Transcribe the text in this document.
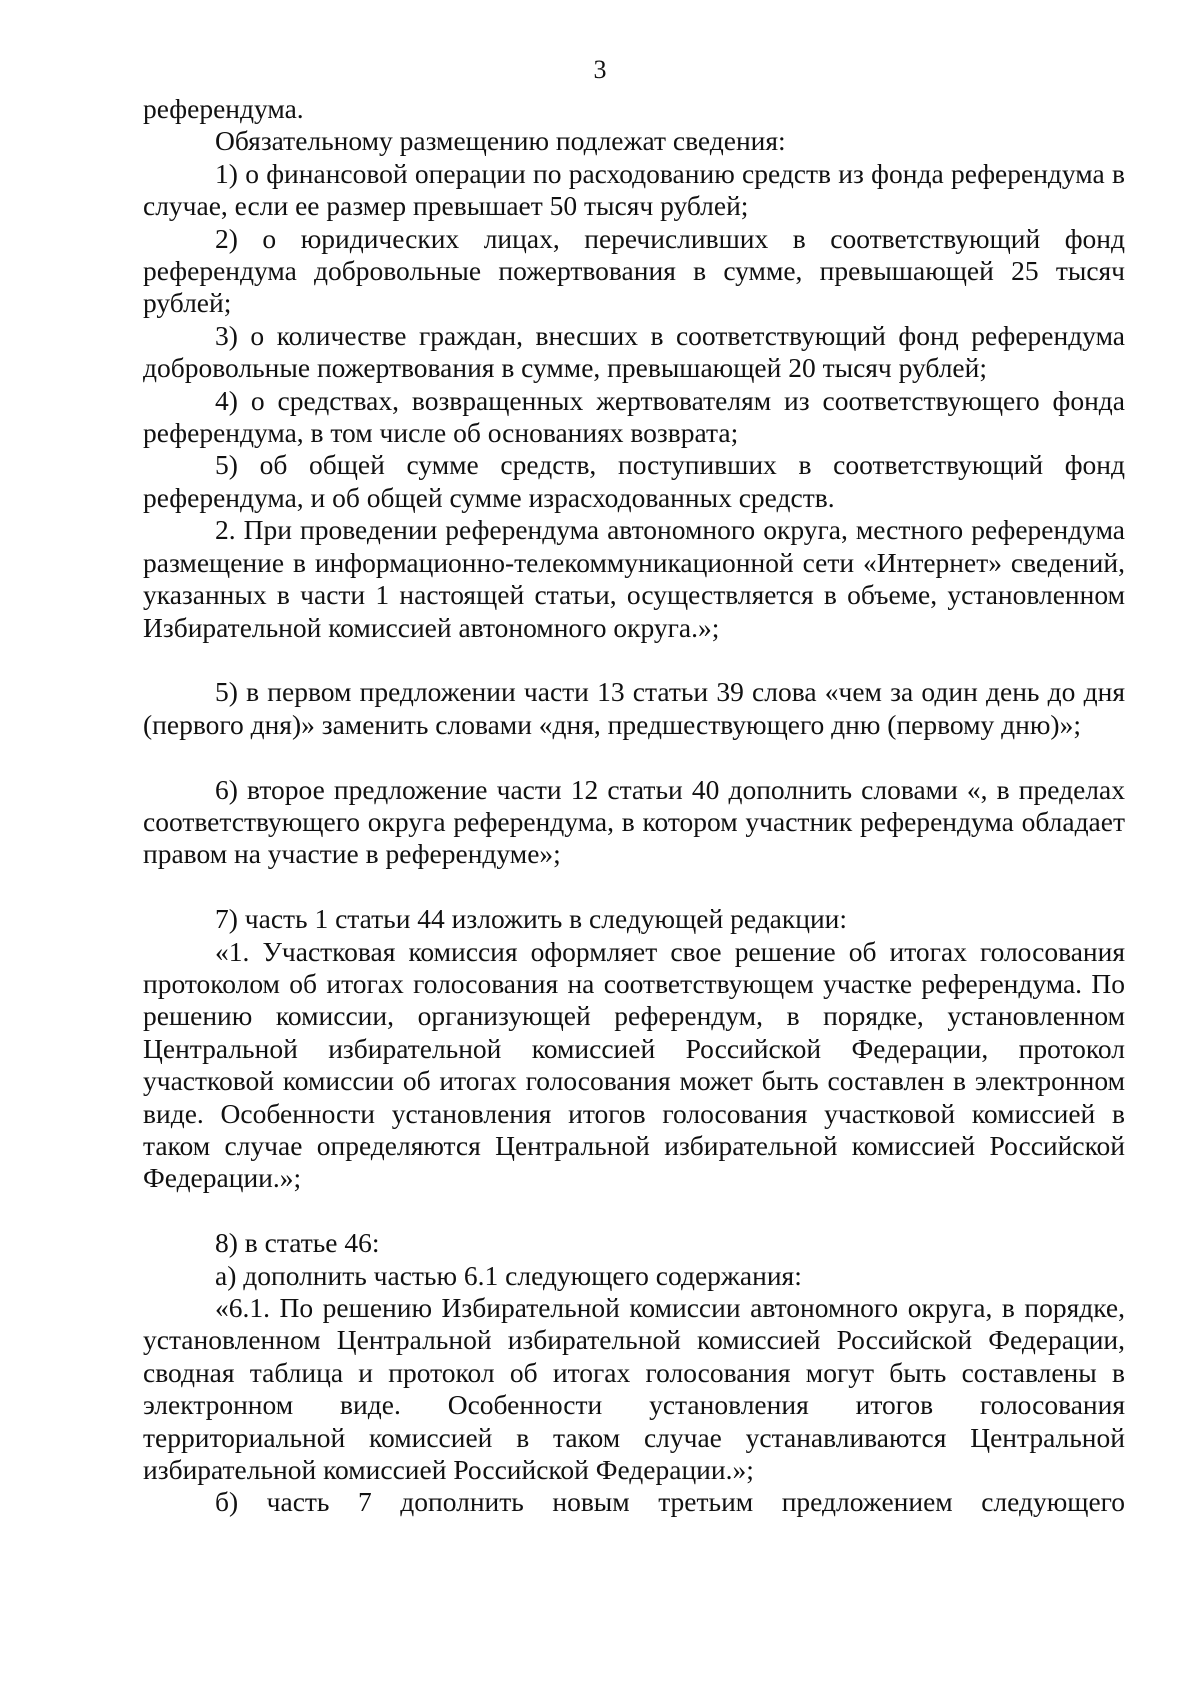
3

референдума.

Обязательному размещению подлежат сведения:

1) о финансовой операции по расходованию средств из фонда референдума в случае, если ее размер превышает 50 тысяч рублей;

2) о юридических лицах, перечисливших в соответствующий фонд референдума добровольные пожертвования в сумме, превышающей 25 тысяч рублей;

3) о количестве граждан, внесших в соответствующий фонд референдума добровольные пожертвования в сумме, превышающей 20 тысяч рублей;

4) о средствах, возвращенных жертвователям из соответствующего фонда референдума, в том числе об основаниях возврата;

5) об общей сумме средств, поступивших в соответствующий фонд референдума, и об общей сумме израсходованных средств.

2. При проведении референдума автономного округа, местного референдума размещение в информационно-телекоммуникационной сети «Интернет» сведений, указанных в части 1 настоящей статьи, осуществляется в объеме, установленном Избирательной комиссией автономного округа.»;

5) в первом предложении части 13 статьи 39 слова «чем за один день до дня (первого дня)» заменить словами «дня, предшествующего дню (первому дню)»;

6) второе предложение части 12 статьи 40 дополнить словами «, в пределах соответствующего округа референдума, в котором участник референдума обладает правом на участие в референдуме»;

7) часть 1 статьи 44 изложить в следующей редакции:

«1. Участковая комиссия оформляет свое решение об итогах голосования протоколом об итогах голосования на соответствующем участке референдума. По решению комиссии, организующей референдум, в порядке, установленном Центральной избирательной комиссией Российской Федерации, протокол участковой комиссии об итогах голосования может быть составлен в электронном виде. Особенности установления итогов голосования участковой комиссией в таком случае определяются Центральной избирательной комиссией Российской Федерации.»;

8) в статье 46:

а) дополнить частью 6.1 следующего содержания:

«6.1. По решению Избирательной комиссии автономного округа, в порядке, установленном Центральной избирательной комиссией Российской Федерации, сводная таблица и протокол об итогах голосования могут быть составлены в электронном виде. Особенности установления итогов голосования территориальной комиссией в таком случае устанавливаются Центральной избирательной комиссией Российской Федерации.»;

б) часть 7 дополнить новым третьим предложением следующего
